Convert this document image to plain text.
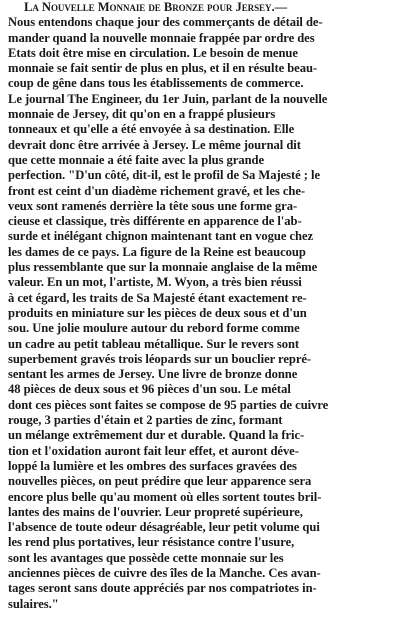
La Nouvelle Monnaie de Bronze pour Jersey.—
Nous entendons chaque jour des commerçants de détail de-
mander quand la nouvelle monnaie frappée par ordre des
Etats doit être mise en circulation. Le besoin de menue
monnaie se fait sentir de plus en plus, et il en résulte beau-
coup de gêne dans tous les établissements de commerce.
Le journal The Engineer, du 1er Juin, parlant de la nouvelle
monnaie de Jersey, dit qu'on en a frappé plusieurs
tonneaux et qu'elle a été envoyée à sa destination. Elle
devrait donc être arrivée à Jersey. Le même journal dit
que cette monnaie a été faite avec la plus grande
perfection. "D'un côté, dit-il, est le profil de Sa Majesté ; le
front est ceint d'un diadème richement gravé, et les che-
veux sont ramenés derrière la tête sous une forme gra-
cieuse et classique, très différente en apparence de l'ab-
surde et inélégant chignon maintenant tant en vogue chez
les dames de ce pays. La figure de la Reine est beaucoup
plus ressemblante que sur la monnaie anglaise de la même
valeur. En un mot, l'artiste, M. Wyon, a très bien réussi
à cet égard, les traits de Sa Majesté étant exactement re-
produits en miniature sur les pièces de deux sous et d'un
sou. Une jolie moulure autour du rebord forme comme
un cadre au petit tableau métallique. Sur le revers sont
superbement gravés trois léopards sur un bouclier repré-
sentant les armes de Jersey. Une livre de bronze donne
48 pièces de deux sous et 96 pièces d'un sou. Le métal
dont ces pièces sont faites se compose de 95 parties de cuivre
rouge, 3 parties d'étain et 2 parties de zinc, formant
un mélange extrêmement dur et durable. Quand la fric-
tion et l'oxidation auront fait leur effet, et auront déve-
loppé la lumière et les ombres des surfaces gravées des
nouvelles pièces, on peut prédire que leur apparence sera
encore plus belle qu'au moment où elles sortent toutes bril-
lantes des mains de l'ouvrier. Leur propreté supérieure,
l'absence de toute odeur désagréable, leur petit volume qui
les rend plus portatives, leur résistance contre l'usure,
sont les avantages que possède cette monnaie sur les
anciennes pièces de cuivre des îles de la Manche. Ces avan-
tages seront sans doute appréciés par nos compatriotes in-
sulaires."
